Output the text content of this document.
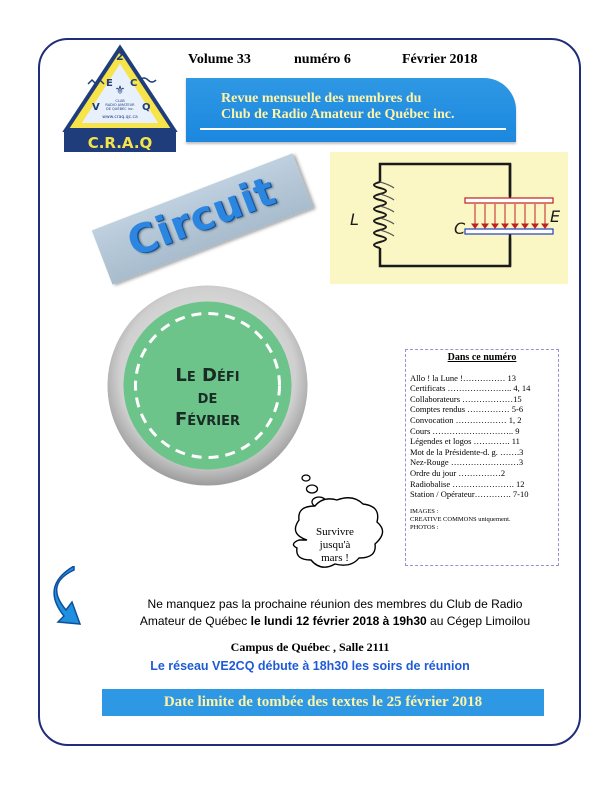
V
E
2
C
Q
⚜
CLUB
RADIO AMATEUR
DE QUÉBEC inc.
www.craq.qc.ca
C.R.A.Q
Volume 33	numéro 6	Février 2018
Revue mensuelle des membres du
Club de Radio Amateur de Québec inc.
Circuit	L	C
E
Le Défi
de
Février
Survivre
jusqu'à
mars !
Dans ce numéro
Allo ! la Lune !…………… 13
Certificats ………………….. 4, 14
Collaborateurs ………………15
Comptes rendus …………… 5-6
Convocation ……………… 1, 2
Cours ……………………….. 9
Légendes et logos …………. 11
Mot de la Présidente-d. g. …….3
Nez-Rouge ……………………3
Ordre du jour ……………2
Radiobalise …………………. 12
Station / Opérateur…………. 7-10
IMAGES :
CREATIVE COMMONS uniquement.
PHOTOS :
Ne manquez pas la prochaine réunion des membres du Club de Radio
Amateur de Québec le lundi 12 février 2018 à 19h30 au Cégep Limoilou
Campus de Québec , Salle 2111
Le réseau VE2CQ débute à 18h30 les soirs de réunion
Date limite de tombée des textes le 25 février 2018
